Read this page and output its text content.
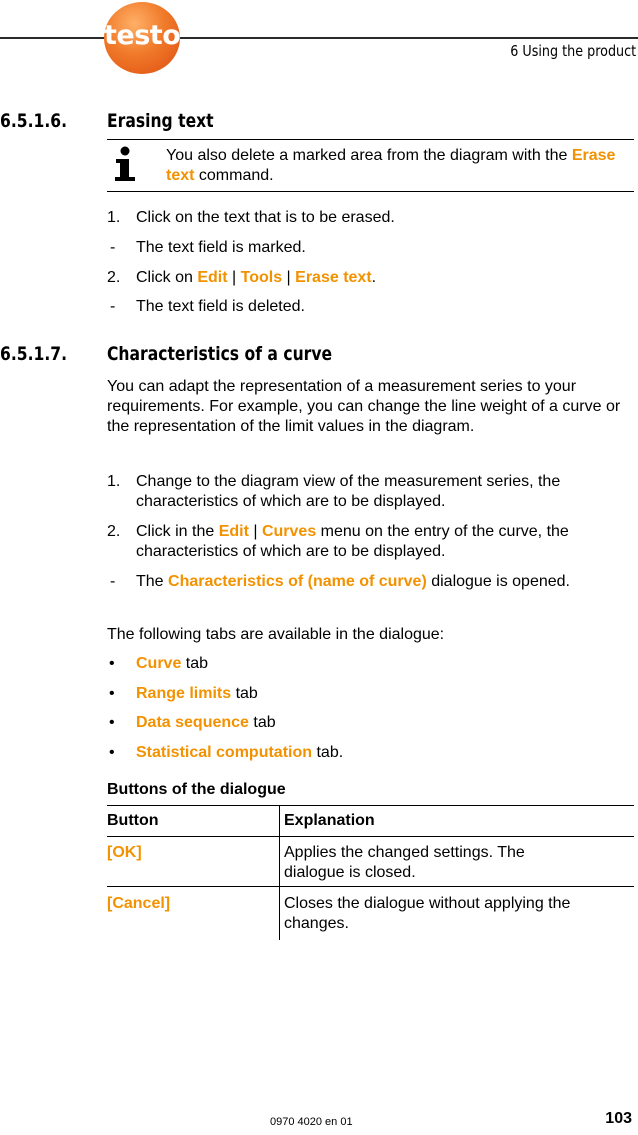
testo	6 Using the product
6.5.1.6. Erasing text
You also delete a marked area from the diagram with the Erase text command.
1. Click on the text that is to be erased.
- The text field is marked.
2. Click on Edit | Tools | Erase text.
- The text field is deleted.
6.5.1.7. Characteristics of a curve
You can adapt the representation of a measurement series to your requirements. For example, you can change the line weight of a curve or the representation of the limit values in the diagram.
1. Change to the diagram view of the measurement series, the characteristics of which are to be displayed.
2. Click in the Edit | Curves menu on the entry of the curve, the characteristics of which are to be displayed.
- The Characteristics of (name of curve) dialogue is opened.
The following tabs are available in the dialogue:
• Curve tab
• Range limits tab
• Data sequence tab
• Statistical computation tab.
Buttons of the dialogue
Button	Explanation
[OK]	Applies the changed settings. The dialogue is closed.
[Cancel]	Closes the dialogue without applying the changes.
0970 4020 en 01	103
